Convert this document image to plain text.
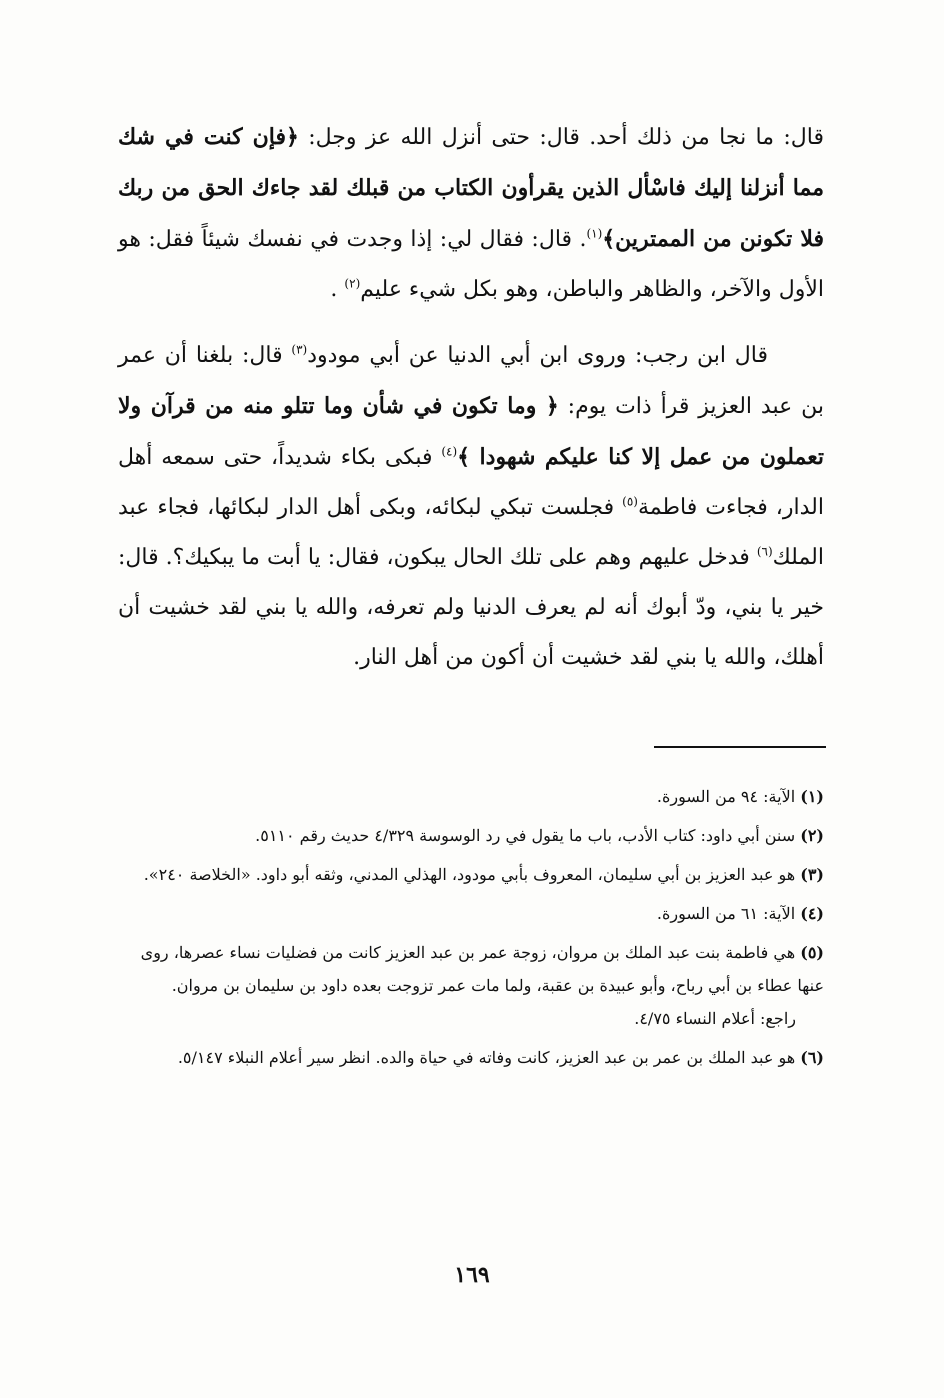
قال: ما نجا من ذلك أحد. قال: حتى أنزل الله عز وجل: ﴿فإن كنت في شك مما أنزلنا إليك فاسْأل الذين يقرأون الكتاب من قبلك لقد جاءك الحق من ربك فلا تكونن من الممترين﴾$^{(١)}$. قال: فقال لي: إذا وجدت في نفسك شيئاً فقل: هو الأول والآخر، والظاهر والباطن، وهو بكل شيء عليم$^{(٢)}$ .

قال ابن رجب: وروى ابن أبي الدنيا عن أبي مودود$^{(٣)}$ قال: بلغنا أن عمر بن عبد العزيز قرأ ذات يوم: ﴿ وما تكون في شأن وما تتلو منه من قرآن ولا تعملون من عمل إلا كنا عليكم شهودا ﴾$^{(٤)}$ فبكى بكاء شديداً، حتى سمعه أهل الدار، فجاءت فاطمة$^{(٥)}$ فجلست تبكي لبكائه، وبكى أهل الدار لبكائها، فجاء عبد الملك$^{(٦)}$ فدخل عليهم وهم على تلك الحال يبكون، فقال: يا أبت ما يبكيك؟. قال: خير يا بني، ودّ أبوك أنه لم يعرف الدنيا ولم تعرفه، والله يا بني لقد خشيت أن أهلك، والله يا بني لقد خشيت أن أكون من أهل النار.

(١) الآية: ٩٤ من السورة.

(٢) سنن أبي داود: كتاب الأدب، باب ما يقول في رد الوسوسة ٤/٣٢٩ حديث رقم ٥١١٠.

(٣) هو عبد العزيز بن أبي سليمان، المعروف بأبي مودود، الهذلي المدني، وثقه أبو داود. «الخلاصة ٢٤٠».

(٤) الآية: ٦١ من السورة.

(٥) هي فاطمة بنت عبد الملك بن مروان، زوجة عمر بن عبد العزيز كانت من فضليات نساء عصرها، روى عنها عطاء بن أبي رباح، وأبو عبيدة بن عقبة، ولما مات عمر تزوجت بعده داود بن سليمان بن مروان.
راجع: أعلام النساء ٤/٧٥.

(٦) هو عبد الملك بن عمر بن عبد العزيز، كانت وفاته في حياة والده. انظر سير أعلام النبلاء ٥/١٤٧.

١٦٩
